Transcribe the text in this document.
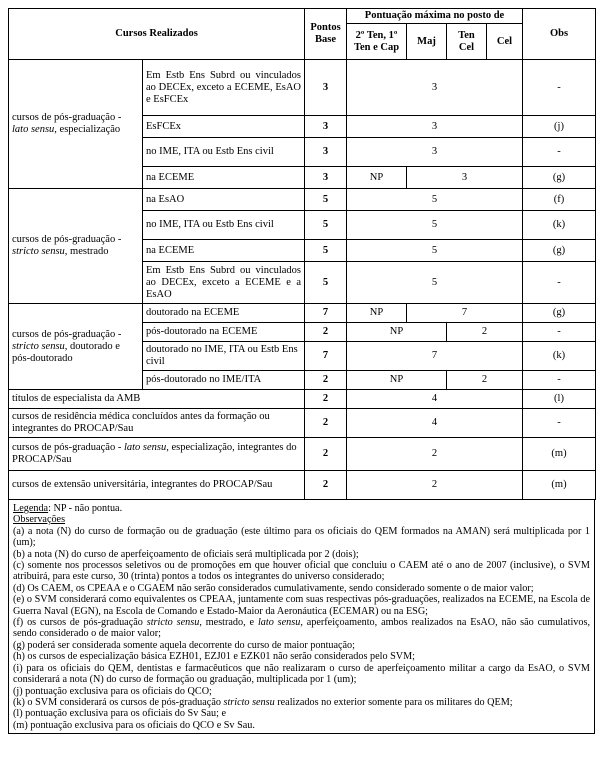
Cursos Realizados		Pontos Base	Pontuação máxima no posto de				Obs
			2º Ten, 1º Ten e Cap	Maj	Ten Cel	Cel	
cursos de pós-graduação - lato sensu, especialização	Em Estb Ens Subrd ou vinculados ao DECEx, exceto a ECEME, EsAO e EsFCEx	3	3				-
	EsFCEx	3	3				(j)
	no IME, ITA ou Estb Ens civil	3	3				-
	na ECEME	3	NP	3			(g)
cursos de pós-graduação - stricto sensu, mestrado	na EsAO	5	5				(f)
	no IME, ITA ou Estb Ens civil	5	5				(k)
	na ECEME	5	5				(g)
	Em Estb Ens Subrd ou vinculados ao DECEx, exceto a ECEME e a EsAO	5	5				-
cursos de pós-graduação - stricto sensu, doutorado e pós-doutorado	doutorado na ECEME	7	NP	7			(g)
	pós-doutorado na ECEME	2	NP		2		-
	doutorado no IME, ITA ou Estb Ens civil	7	7				(k)
	pós-doutorado no IME/ITA	2	NP		2		-
títulos de especialista da AMB		2	4				(l)
cursos de residência médica concluídos antes da formação ou integrantes do PROCAP/Sau		2	4				-
cursos de pós-graduação - lato sensu, especialização, integrantes do PROCAP/Sau		2	2				(m)
cursos de extensão universitária, integrantes do PROCAP/Sau		2	2				(m)

Legenda: NP - não pontua.

Observações

(a) a nota (N) do curso de formação ou de graduação (este último para os oficiais do QEM formados na AMAN) será multiplicada por 1 (um);

(b) a nota (N) do curso de aperfeiçoamento de oficiais será multiplicada por 2 (dois);

(c) somente nos processos seletivos ou de promoções em que houver oficial que concluiu o CAEM até o ano de 2007 (inclusive), o SVM atribuirá, para este curso, 30 (trinta) pontos a todos os integrantes do universo considerado;

(d) Os CAEM, os CPEAA e o CGAEM não serão considerados cumulativamente, sendo considerado somente o de maior valor;

(e) o SVM considerará como equivalentes os CPEAA, juntamente com suas respectivas pós-graduações, realizados na ECEME, na Escola de Guerra Naval (EGN), na Escola de Comando e Estado-Maior da Aeronáutica (ECEMAR) ou na ESG;

(f) os cursos de pós-graduação stricto sensu, mestrado, e lato sensu, aperfeiçoamento, ambos realizados na EsAO, não são cumulativos, sendo considerado o de maior valor;

(g) poderá ser considerada somente aquela decorrente do curso de maior pontuação;

(h) os cursos de especialização básica EZH01, EZJ01 e EZK01 não serão considerados pelo SVM;

(i) para os oficiais do QEM, dentistas e farmacêuticos que não realizaram o curso de aperfeiçoamento militar a cargo da EsAO, o SVM considerará a nota (N) do curso de formação ou graduação, multiplicada por 1 (um);

(j) pontuação exclusiva para os oficiais do QCO;

(k) o SVM considerará os cursos de pós-graduação stricto sensu realizados no exterior somente para os militares do QEM;

(l) pontuação exclusiva para os oficiais do Sv Sau; e

(m) pontuação exclusiva para os oficiais do QCO e Sv Sau.
